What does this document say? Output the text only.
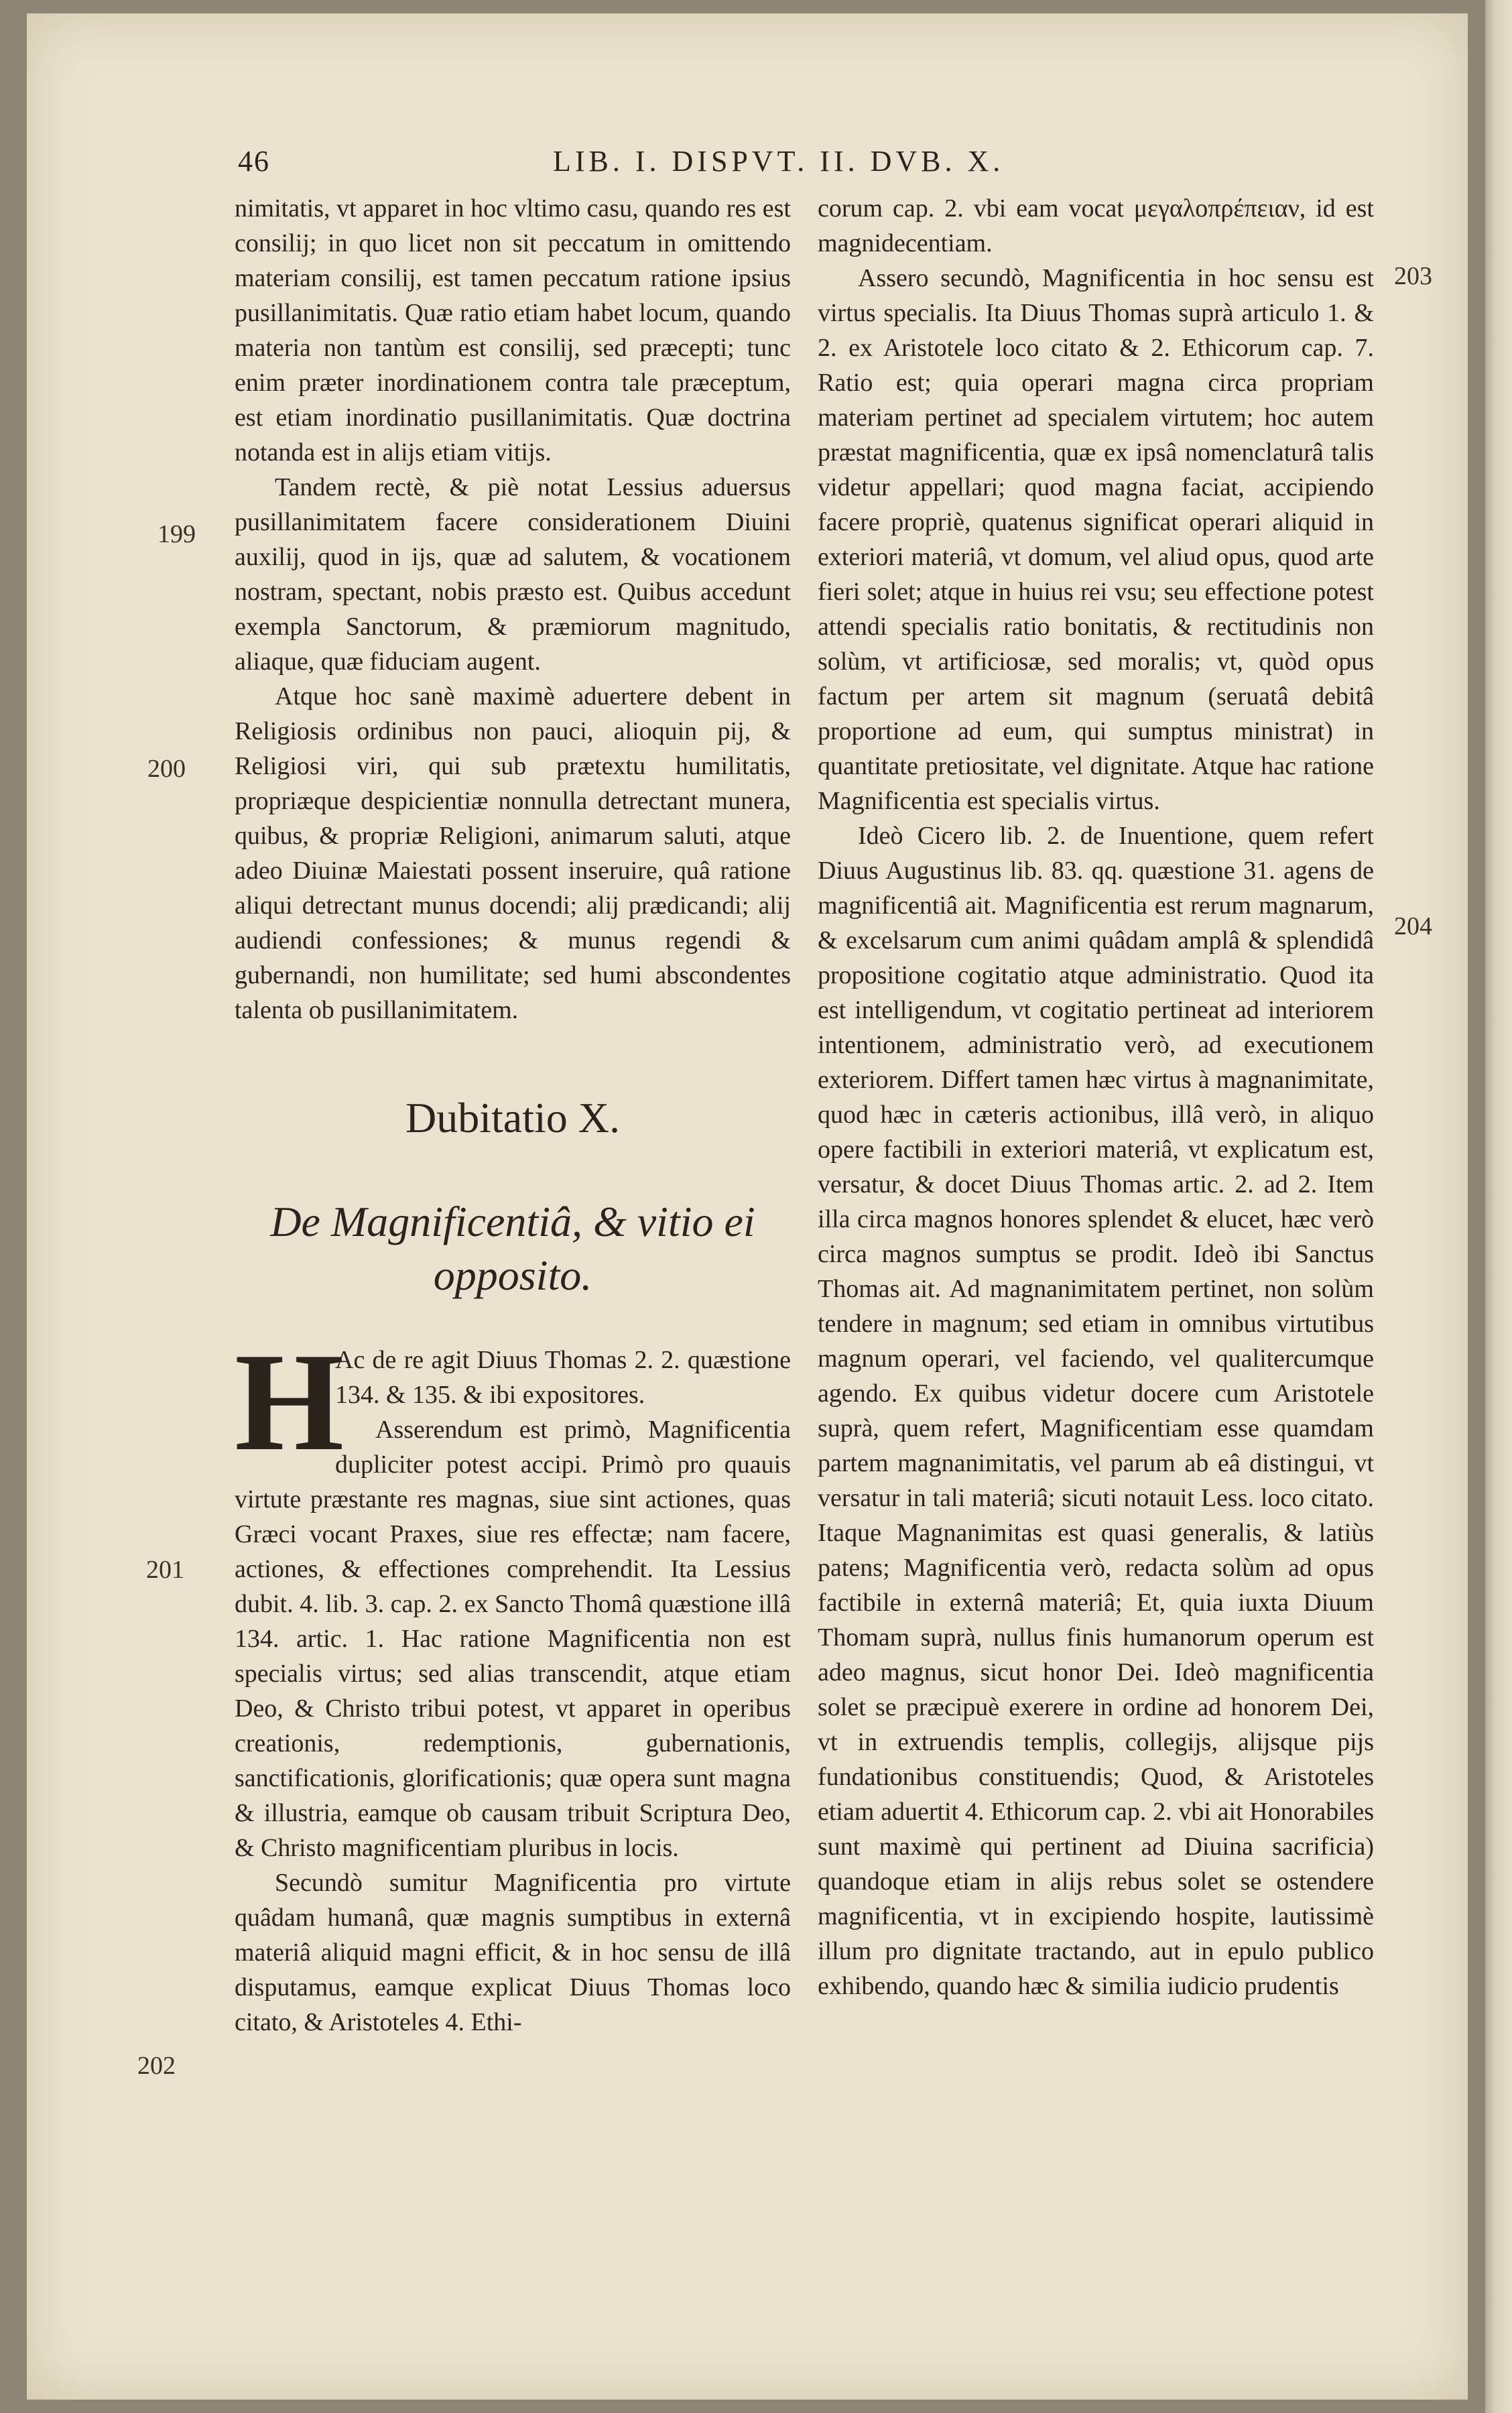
46	LIB. I. DISPVT. II. DVB. X.
199
200
201
202
203
204

nimitatis, vt apparet in hoc vltimo casu, quando res est consilij; in quo licet non sit peccatum in omittendo materiam consilij, est tamen peccatum ratione ipsius pusillanimitatis. Quæ ratio etiam habet locum, quando materia non tantùm est consilij, sed præcepti; tunc enim præter inordinationem contra tale præceptum, est etiam inordinatio pusillanimitatis. Quæ doctrina notanda est in alijs etiam vitijs.

Tandem rectè, & piè notat Lessius aduersus pusillanimitatem facere considerationem Diuini auxilij, quod in ijs, quæ ad salutem, & vocationem nostram, spectant, nobis præsto est. Quibus accedunt exempla Sanctorum, & præmiorum magnitudo, aliaque, quæ fiduciam augent.

Atque hoc sanè maximè aduertere debent in Religiosis ordinibus non pauci, alioquin pij, & Religiosi viri, qui sub prætextu humilitatis, propriæque despicientiæ nonnulla detrectant munera, quibus, & propriæ Religioni, animarum saluti, atque adeo Diuinæ Maiestati possent inseruire, quâ ratione aliqui detrectant munus docendi; alij prædicandi; alij audiendi confessiones; & munus regendi & gubernandi, non humilitate; sed humi abscondentes talenta ob pusillanimitatem.

Dubitatio X.
De Magnificentiâ, & vitio ei opposito.
H

Ac de re agit Diuus Thomas 2. 2. quæstione 134. & 135. & ibi expositores.

Asserendum est primò, Magnificentia dupliciter potest accipi. Primò pro quauis virtute præstante res magnas, siue sint actiones, quas Græci vocant Praxes, siue res effectæ; nam facere, actiones, & effectiones comprehendit. Ita Lessius dubit. 4. lib. 3. cap. 2. ex Sancto Thomâ quæstione illâ 134. artic. 1. Hac ratione Magnificentia non est specialis virtus; sed alias transcendit, atque etiam Deo, & Christo tribui potest, vt apparet in operibus creationis, redemptionis, gubernationis, sanctificationis, glorificationis; quæ opera sunt magna & illustria, eamque ob causam tribuit Scriptura Deo, & Christo magnificentiam pluribus in locis.

Secundò sumitur Magnificentia pro virtute quâdam humanâ, quæ magnis sumptibus in externâ materiâ aliquid magni efficit, & in hoc sensu de illâ disputamus, eamque explicat Diuus Thomas loco citato, & Aristoteles 4. Ethi-

corum cap. 2. vbi eam vocat μεγαλοπρέπειαν, id est magnidecentiam.

Assero secundò, Magnificentia in hoc sensu est virtus specialis. Ita Diuus Thomas suprà articulo 1. & 2. ex Aristotele loco citato & 2. Ethicorum cap. 7. Ratio est; quia operari magna circa propriam materiam pertinet ad specialem virtutem; hoc autem præstat magnificentia, quæ ex ipsâ nomenclaturâ talis videtur appellari; quod magna faciat, accipiendo facere propriè, quatenus significat operari aliquid in exteriori materiâ, vt domum, vel aliud opus, quod arte fieri solet; atque in huius rei vsu; seu effectione potest attendi specialis ratio bonitatis, & rectitudinis non solùm, vt artificiosæ, sed moralis; vt, quòd opus factum per artem sit magnum (seruatâ debitâ proportione ad eum, qui sumptus ministrat) in quantitate pretiositate, vel dignitate. Atque hac ratione Magnificentia est specialis virtus.

Ideò Cicero lib. 2. de Inuentione, quem refert Diuus Augustinus lib. 83. qq. quæstione 31. agens de magnificentiâ ait. Magnificentia est rerum magnarum, & excelsarum cum animi quâdam amplâ & splendidâ propositione cogitatio atque administratio. Quod ita est intelligendum, vt cogitatio pertineat ad interiorem intentionem, administratio verò, ad executionem exteriorem. Differt tamen hæc virtus à magnanimitate, quod hæc in cæteris actionibus, illâ verò, in aliquo opere factibili in exteriori materiâ, vt explicatum est, versatur, & docet Diuus Thomas artic. 2. ad 2. Item illa circa magnos honores splendet & elucet, hæc verò circa magnos sumptus se prodit. Ideò ibi Sanctus Thomas ait. Ad magnanimitatem pertinet, non solùm tendere in magnum; sed etiam in omnibus virtutibus magnum operari, vel faciendo, vel qualitercumque agendo. Ex quibus videtur docere cum Aristotele suprà, quem refert, Magnificentiam esse quamdam partem magnanimitatis, vel parum ab eâ distingui, vt versatur in tali materiâ; sicuti notauit Less. loco citato. Itaque Magnanimitas est quasi generalis, & latiùs patens; Magnificentia verò, redacta solùm ad opus factibile in externâ materiâ; Et, quia iuxta Diuum Thomam suprà, nullus finis humanorum operum est adeo magnus, sicut honor Dei. Ideò magnificentia solet se præcipuè exerere in ordine ad honorem Dei, vt in extruendis templis, collegijs, alijsque pijs fundationibus constituendis; Quod, & Aristoteles etiam aduertit 4. Ethicorum cap. 2. vbi ait Honorabiles sunt maximè qui pertinent ad Diuina sacrificia) quandoque etiam in alijs rebus solet se ostendere magnificentia, vt in excipiendo hospite, lautissimè illum pro dignitate tractando, aut in epulo publico exhibendo, quando hæc & similia iudicio prudentis
